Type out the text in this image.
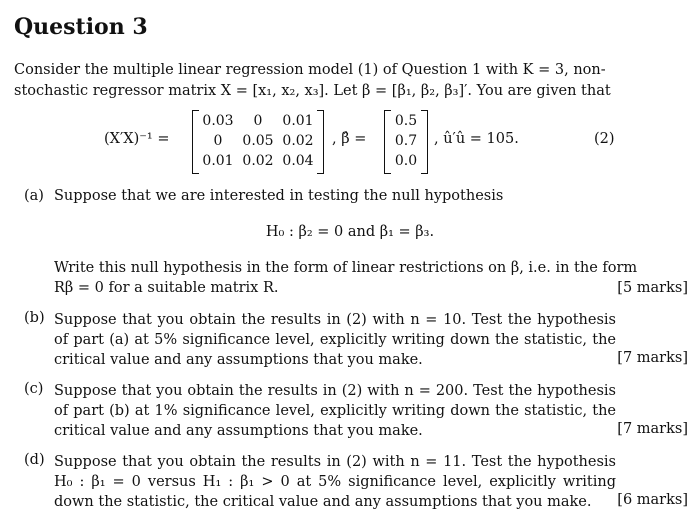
Question 3
Consider the multiple linear regression model (1) of Question 1 with K = 3, non-
stochastic regressor matrix X = [x₁, x₂, x₃]. Let β = [β₁, β₂, β₃]′. You are given that
(X′X)⁻¹ =
0.03	0	0.01
0	0.05 0.02
0.01 0.02 0.04
, β̂ =
0.5
0.7
0.0
, û′û = 105.	(2)
(a) Suppose that we are interested in testing the null hypothesis
H₀ : β₂ = 0 and β₁ = β₃.
Write this null hypothesis in the form of linear restrictions on β, i.e. in the form
Rβ = 0 for a suitable matrix R.	[5 marks]
(b) Suppose that you obtain the results in (2) with n = 10. Test the hypothesis of part (a) at 5% significance level, explicitly writing down the statistic, the critical value and any assumptions that you make.	[7 marks]
(c) Suppose that you obtain the results in (2) with n = 200. Test the hypothesis of part (b) at 1% significance level, explicitly writing down the statistic, the critical value and any assumptions that you make.	[7 marks]
(d) Suppose that you obtain the results in (2) with n = 11. Test the hypothesis H₀ : β₁ = 0 versus H₁ : β₁ > 0 at 5% significance level, explicitly writing down the statistic, the critical value and any assumptions that you make.	[6 marks]
